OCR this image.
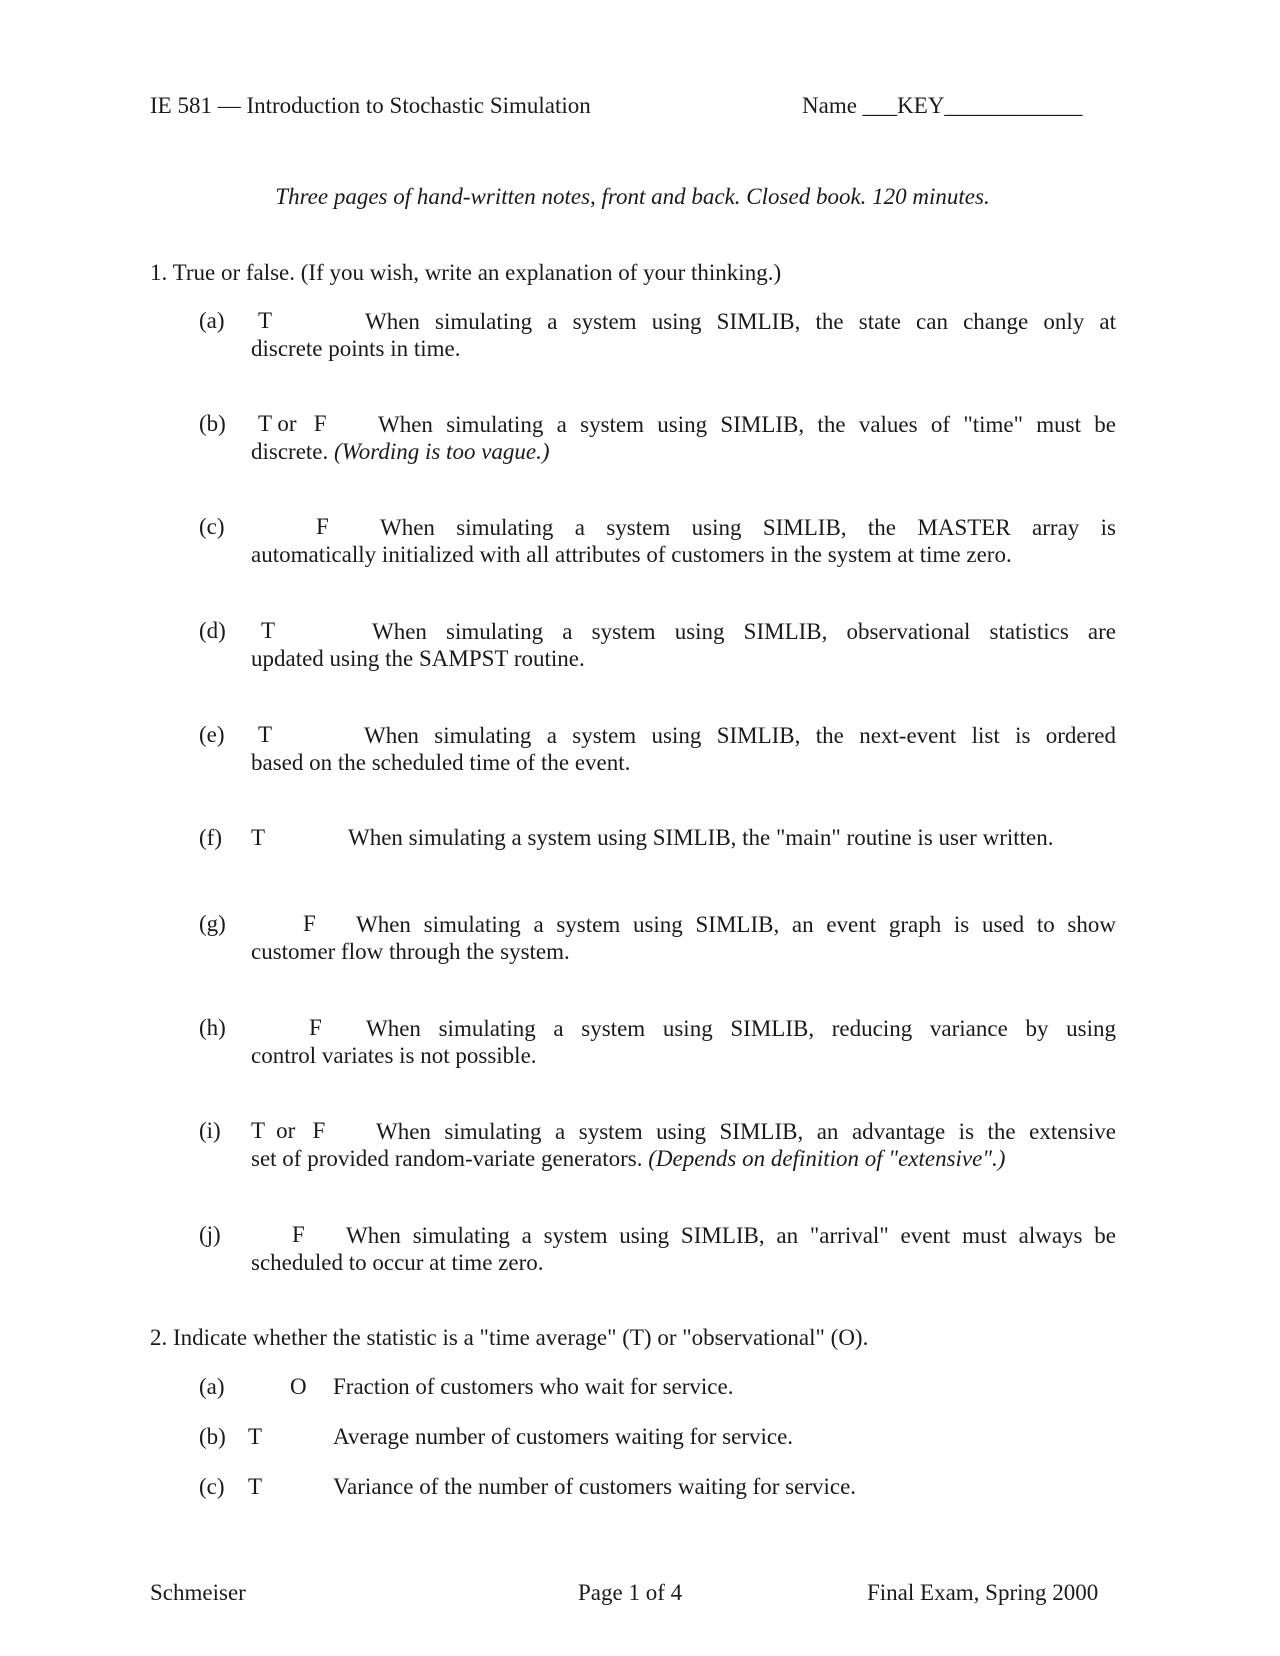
IE 581 — Introduction to Stochastic Simulation	Name ___KEY____________
Three pages of hand-written notes, front and back. Closed book. 120 minutes.
1. True or false. (If you wish, write an explanation of your thinking.)
(a) T	When simulating a system using SIMLIB, the state can change only at
discrete points in time.
(b) T or   F	When simulating a system using SIMLIB, the values of "time" must be
discrete. (Wording is too vague.)
(c)	F	When simulating a system using SIMLIB, the MASTER array is
automatically initialized with all attributes of customers in the system at time zero.
(d) T	When simulating a system using SIMLIB, observational statistics are
updated using the SAMPST routine.
(e) T	When simulating a system using SIMLIB, the next-event list is ordered
based on the scheduled time of the event.
(f) T	When simulating a system using SIMLIB, the "main" routine is user written.
(g)	F	When simulating a system using SIMLIB, an event graph is used to show
customer flow through the system.
(h)	F	When simulating a system using SIMLIB, reducing variance by using
control variates is not possible.
(i) T  or   F	When simulating a system using SIMLIB, an advantage is the extensive
set of provided random-variate generators. (Depends on definition of "extensive".)
(j)	F	When simulating a system using SIMLIB, an "arrival" event must always be
scheduled to occur at time zero.
2. Indicate whether the statistic is a "time average" (T) or "observational" (O).
(a)	O Fraction of customers who wait for service.
(b) T	Average number of customers waiting for service.
(c) T	Variance of the number of customers waiting for service.
Schmeiser	Page 1 of 4	Final Exam, Spring 2000
